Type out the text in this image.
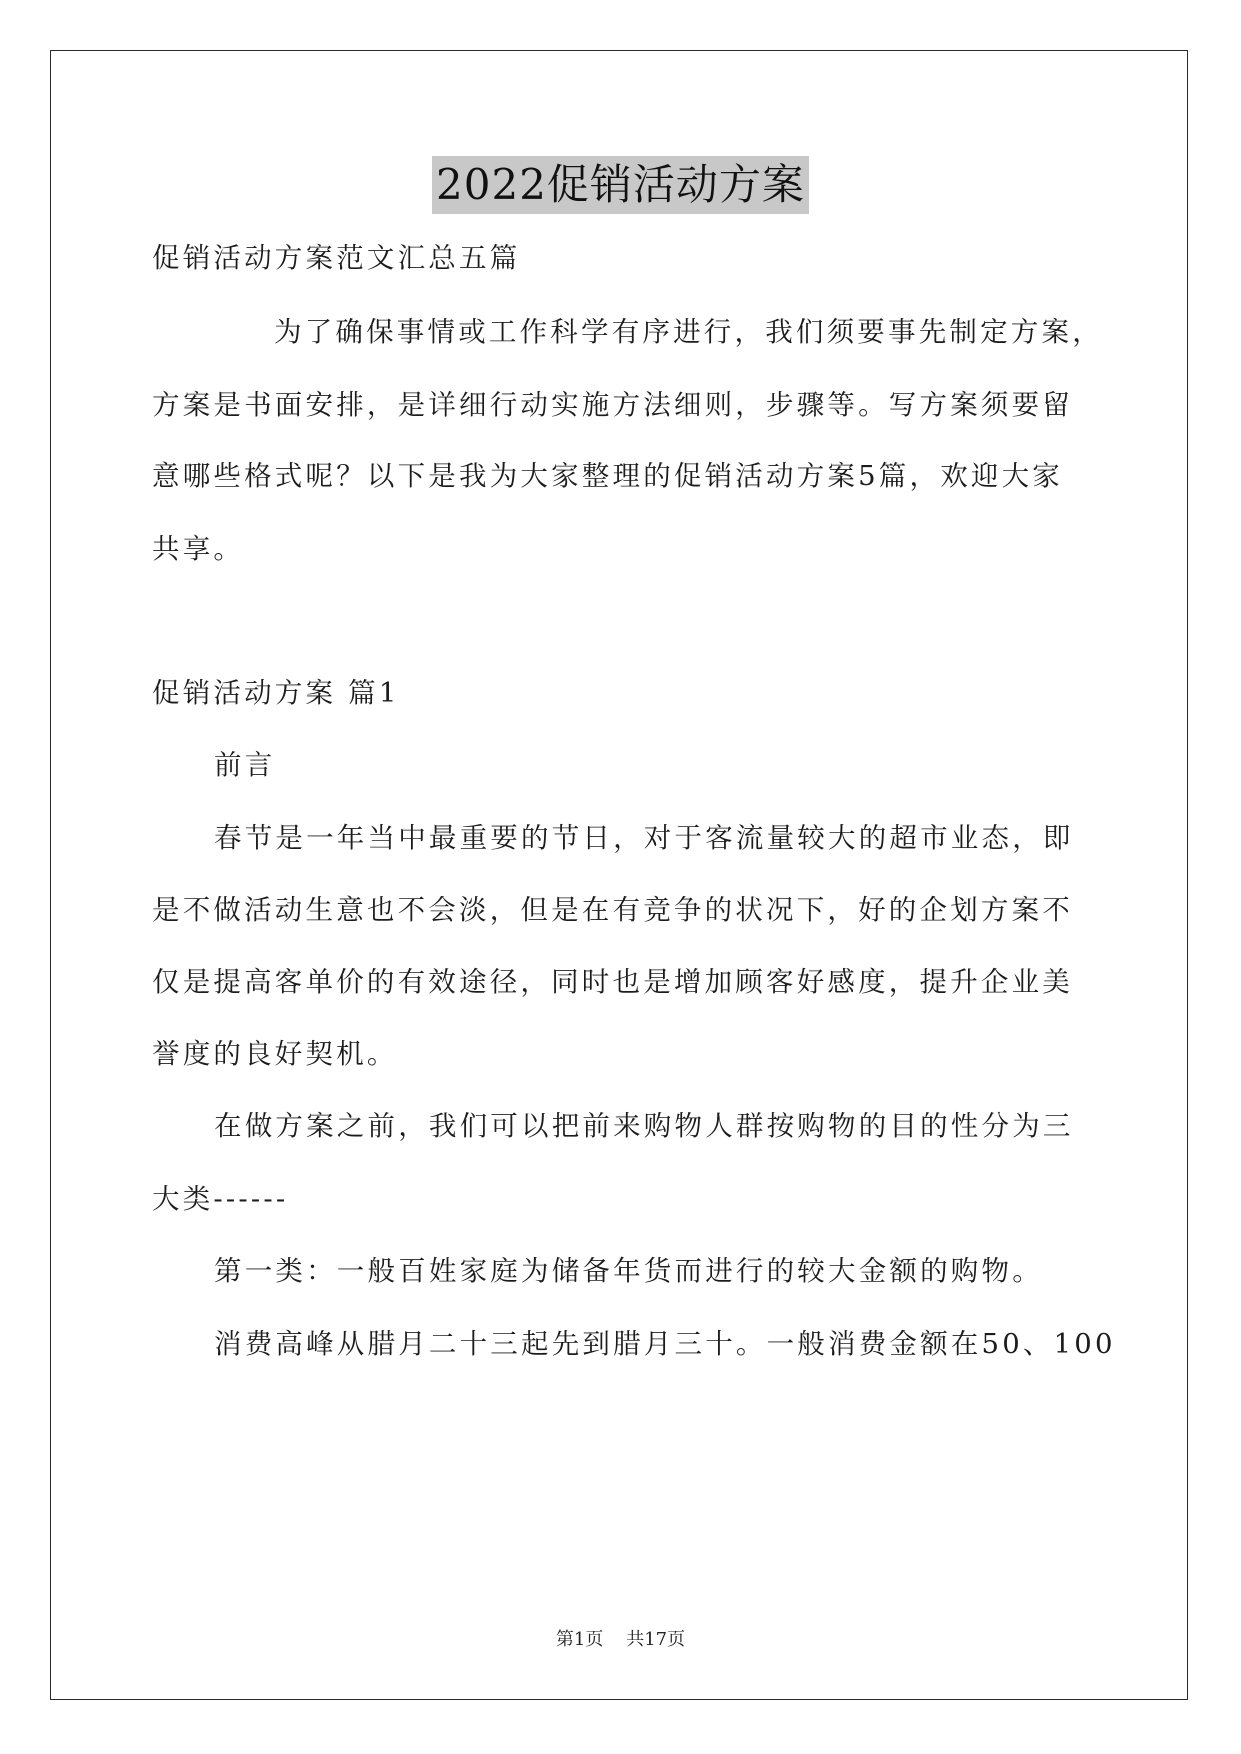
2022促销活动方案
促销活动方案范文汇总五篇
为了确保事情或工作科学有序进行，我们须要事先制定方案，
方案是书面安排，是详细行动实施方法细则，步骤等。写方案须要留
意哪些格式呢？以下是我为大家整理的促销活动方案5篇，欢迎大家
共享。
促销活动方案 篇1
前言
春节是一年当中最重要的节日，对于客流量较大的超市业态，即
是不做活动生意也不会淡，但是在有竞争的状况下，好的企划方案不
仅是提高客单价的有效途径，同时也是增加顾客好感度，提升企业美
誉度的良好契机。
在做方案之前，我们可以把前来购物人群按购物的目的性分为三
大类------
第一类：一般百姓家庭为储备年货而进行的较大金额的购物。
消费高峰从腊月二十三起先到腊月三十。一般消费金额在50、100
第1页 共17页
